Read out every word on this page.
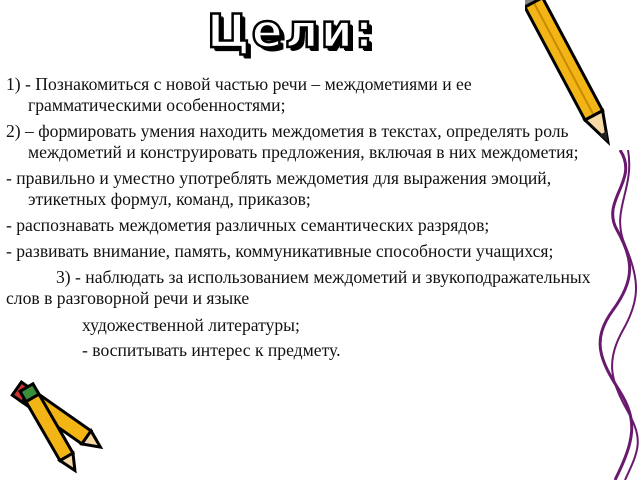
Цели:
1) - Познакомиться с новой частью речи – междометиями и ее грамматическими особенностями;
2) – формировать умения находить междометия в текстах, определять роль междометий и конструировать предложения, включая в них междометия;
- правильно и уместно употреблять междометия для выражения эмоций, этикетных формул, команд, приказов;
- распознавать междометия различных семантических разрядов;
- развивать внимание, память, коммуникативные способности учащихся;
3) - наблюдать за использованием междометий и звукоподражательных слов в разговорной речи и языке
художественной литературы;
- воспитывать интерес к предмету.
